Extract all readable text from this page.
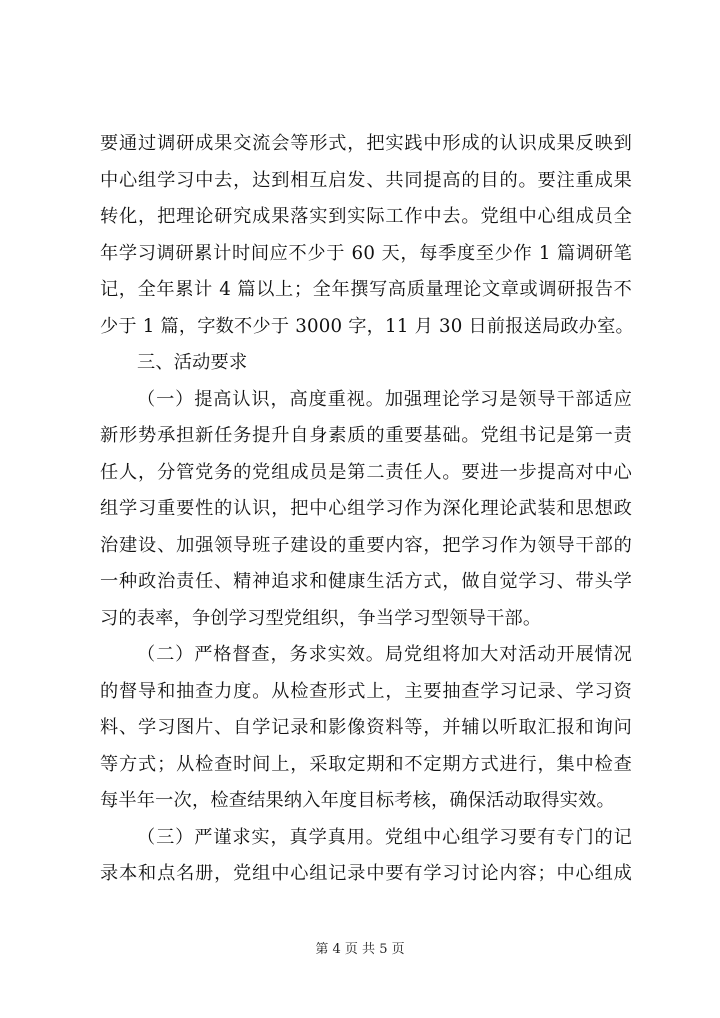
要通过调研成果交流会等形式，把实践中形成的认识成果反映到
中心组学习中去，达到相互启发、共同提高的目的。要注重成果
转化，把理论研究成果落实到实际工作中去。党组中心组成员全
年学习调研累计时间应不少于 60 天，每季度至少作 1 篇调研笔
记，全年累计 4 篇以上；全年撰写高质量理论文章或调研报告不
少于 1 篇，字数不少于 3000 字，11 月 30 日前报送局政办室。
三、活动要求
（一）提高认识，高度重视。加强理论学习是领导干部适应
新形势承担新任务提升自身素质的重要基础。党组书记是第一责
任人，分管党务的党组成员是第二责任人。要进一步提高对中心
组学习重要性的认识，把中心组学习作为深化理论武装和思想政
治建设、加强领导班子建设的重要内容，把学习作为领导干部的
一种政治责任、精神追求和健康生活方式，做自觉学习、带头学
习的表率，争创学习型党组织，争当学习型领导干部。
（二）严格督查，务求实效。局党组将加大对活动开展情况
的督导和抽查力度。从检查形式上，主要抽查学习记录、学习资
料、学习图片、自学记录和影像资料等，并辅以听取汇报和询问
等方式；从检查时间上，采取定期和不定期方式进行，集中检查
每半年一次，检查结果纳入年度目标考核，确保活动取得实效。
（三）严谨求实，真学真用。党组中心组学习要有专门的记
录本和点名册，党组中心组记录中要有学习讨论内容；中心组成
第 4 页 共 5 页
